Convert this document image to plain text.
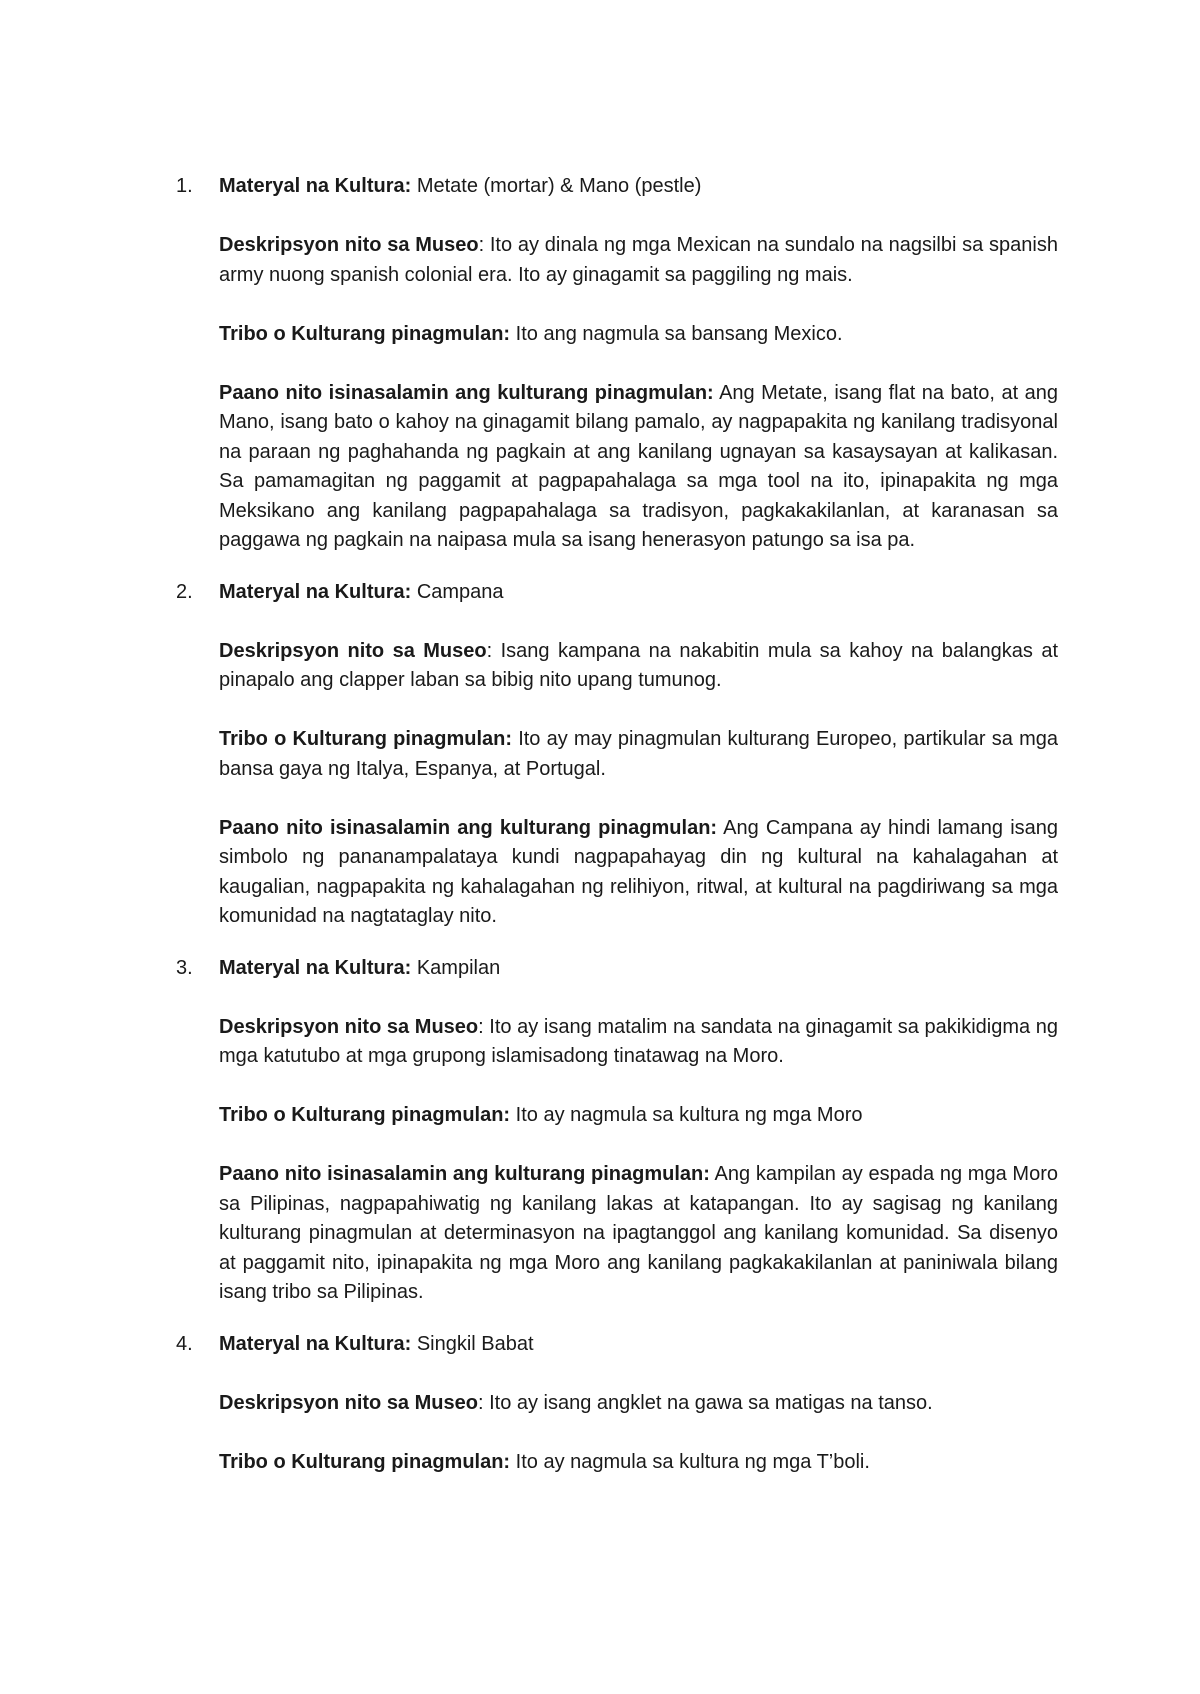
1.	Materyal na Kultura: Metate (mortar) & Mano (pestle)

Deskripsyon nito sa Museo: Ito ay dinala ng mga Mexican na sundalo na nagsilbi sa spanish army nuong spanish colonial era. Ito ay ginagamit sa paggiling ng mais.

Tribo o Kulturang pinagmulan: Ito ang nagmula sa bansang Mexico.

Paano nito isinasalamin ang kulturang pinagmulan: Ang Metate, isang flat na bato, at ang Mano, isang bato o kahoy na ginagamit bilang pamalo, ay nagpapakita ng kanilang tradisyonal na paraan ng paghahanda ng pagkain at ang kanilang ugnayan sa kasaysayan at kalikasan. Sa pamamagitan ng paggamit at pagpapahalaga sa mga tool na ito, ipinapakita ng mga Meksikano ang kanilang pagpapahalaga sa tradisyon, pagkakakilanlan, at karanasan sa paggawa ng pagkain na naipasa mula sa isang henerasyon patungo sa isa pa.

2.	Materyal na Kultura: Campana

Deskripsyon nito sa Museo: Isang kampana na nakabitin mula sa kahoy na balangkas at pinapalo ang clapper laban sa bibig nito upang tumunog.

Tribo o Kulturang pinagmulan: Ito ay may pinagmulan kulturang Europeo, partikular sa mga bansa gaya ng Italya, Espanya, at Portugal.

Paano nito isinasalamin ang kulturang pinagmulan: Ang Campana ay hindi lamang isang simbolo ng pananampalataya kundi nagpapahayag din ng kultural na kahalagahan at kaugalian, nagpapakita ng kahalagahan ng relihiyon, ritwal, at kultural na pagdiriwang sa mga komunidad na nagtataglay nito.

3.	Materyal na Kultura: Kampilan

Deskripsyon nito sa Museo: Ito ay isang matalim na sandata na ginagamit sa pakikidigma ng mga katutubo at mga grupong islamisadong tinatawag na Moro.

Tribo o Kulturang pinagmulan: Ito ay nagmula sa kultura ng mga Moro

Paano nito isinasalamin ang kulturang pinagmulan: Ang kampilan ay espada ng mga Moro sa Pilipinas, nagpapahiwatig ng kanilang lakas at katapangan. Ito ay sagisag ng kanilang kulturang pinagmulan at determinasyon na ipagtanggol ang kanilang komunidad. Sa disenyo at paggamit nito, ipinapakita ng mga Moro ang kanilang pagkakakilanlan at paniniwala bilang isang tribo sa Pilipinas.

4.	Materyal na Kultura: Singkil Babat

Deskripsyon nito sa Museo: Ito ay isang angklet na gawa sa matigas na tanso.

Tribo o Kulturang pinagmulan: Ito ay nagmula sa kultura ng mga T’boli.
